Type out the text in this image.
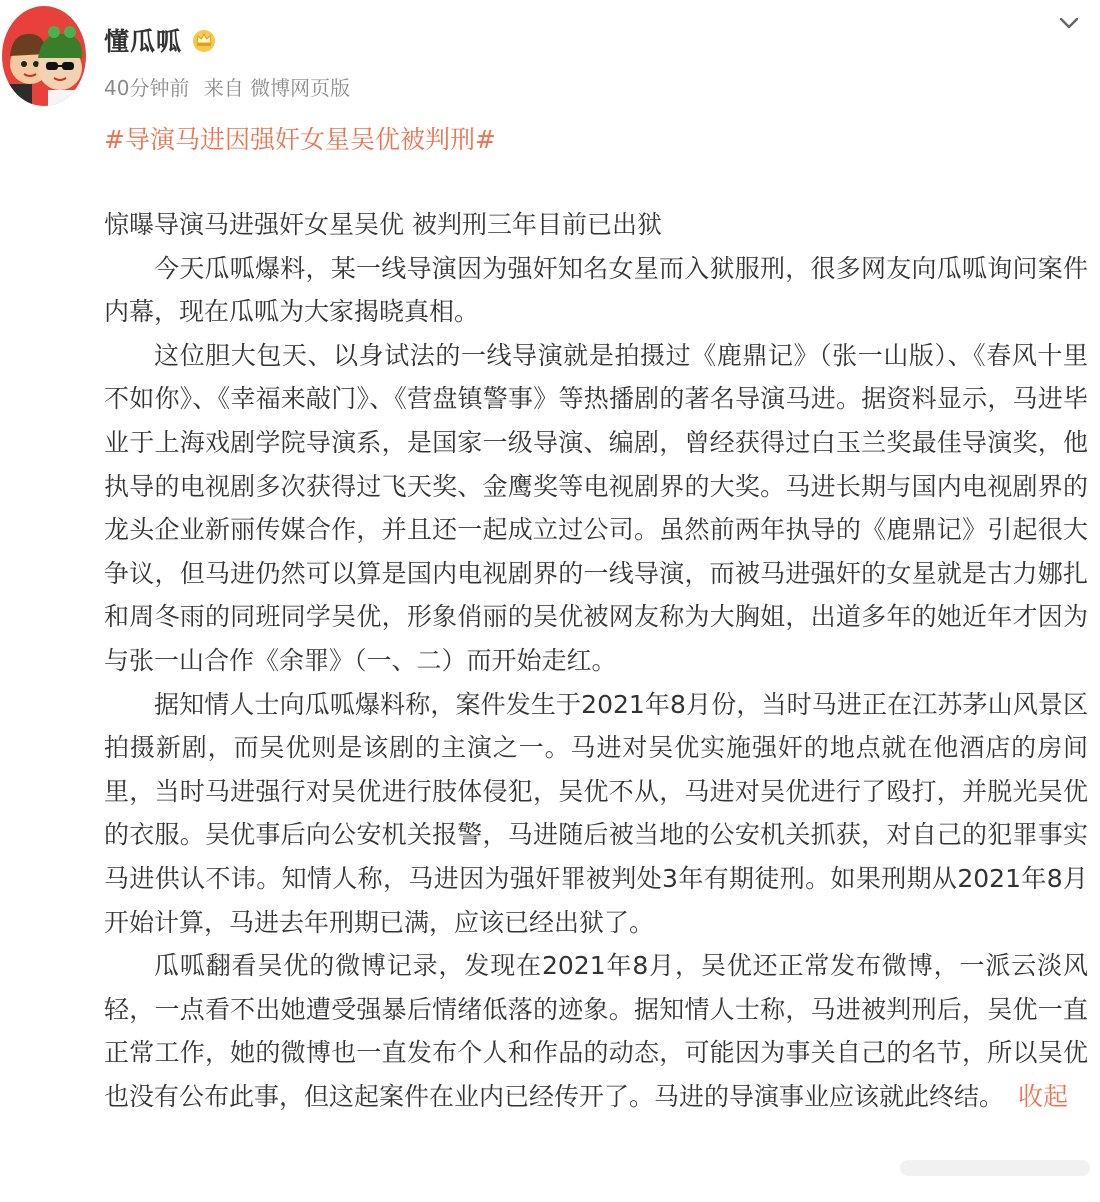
懂瓜呱
40分钟前 来自 微博网页版
#导演马进因强奸女星吴优被判刑#

惊曝导演马进强奸女星吴优 被判刑三年目前已出狱

今天瓜呱爆料，某一线导演因为强奸知名女星而入狱服刑，很多网友向瓜呱询问案件内幕，现在瓜呱为大家揭晓真相。

这位胆大包天、以身试法的一线导演就是拍摄过《鹿鼎记》（张一山版）、《春风十里不如你》、《幸福来敲门》、《营盘镇警事》等热播剧的著名导演马进。据资料显示，马进毕业于上海戏剧学院导演系，是国家一级导演、编剧，曾经获得过白玉兰奖最佳导演奖，他执导的电视剧多次获得过飞天奖、金鹰奖等电视剧界的大奖。马进长期与国内电视剧界的龙头企业新丽传媒合作，并且还一起成立过公司。虽然前两年执导的《鹿鼎记》引起很大争议，但马进仍然可以算是国内电视剧界的一线导演，而被马进强奸的女星就是古力娜扎和周冬雨的同班同学吴优，形象俏丽的吴优被网友称为大胸姐，出道多年的她近年才因为与张一山合作《余罪》（一、二）而开始走红。

据知情人士向瓜呱爆料称，案件发生于2021年8月份，当时马进正在江苏茅山风景区拍摄新剧，而吴优则是该剧的主演之一。马进对吴优实施强奸的地点就在他酒店的房间里，当时马进强行对吴优进行肢体侵犯，吴优不从，马进对吴优进行了殴打，并脱光吴优的衣服。吴优事后向公安机关报警，马进随后被当地的公安机关抓获，对自己的犯罪事实马进供认不讳。知情人称，马进因为强奸罪被判处3年有期徒刑。如果刑期从2021年8月开始计算，马进去年刑期已满，应该已经出狱了。

瓜呱翻看吴优的微博记录，发现在2021年8月，吴优还正常发布微博，一派云淡风轻，一点看不出她遭受强暴后情绪低落的迹象。据知情人士称，马进被判刑后，吴优一直正常工作，她的微博也一直发布个人和作品的动态，可能因为事关自己的名节，所以吴优也没有公布此事，但这起案件在业内已经传开了。马进的导演事业应该就此终结。 收起
